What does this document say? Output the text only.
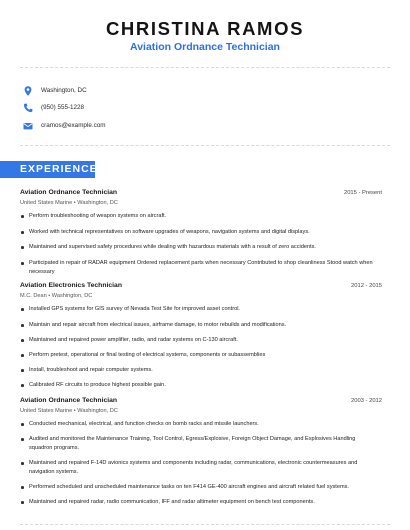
CHRISTINA RAMOS
Aviation Ordnance Technician
Washington, DC
(950) 555-1228
cramos@example.com
EXPERIENCE
Aviation Ordnance Technician	2015 - Present
United States Marine • Washington, DC
Perform troubleshooting of weapon systems on aircraft.
Worked with technical representatives on software upgrades of weapons, navigation systems and digital displays.
Maintained and supervised safety procedures while dealing with hazardous materials with a result of zero accidents.
Participated in repair of RADAR equipment Ordered replacement parts when necessary Contributed to shop cleanliness Stood watch when necessary
Aviation Electronics Technician	2012 - 2015
M.C. Dean • Washington, DC
Installed GPS systems for GIS survey of Nevada Test Site for improved asset control.
Maintain and repair aircraft from electrical issues, airframe damage, to motor rebuilds and modifications.
Maintained and repaired power amplifier, radio, and radar systems on C-130 aircraft.
Perform pretest, operational or final testing of electrical systems, components or subassemblies
Install, troubleshoot and repair computer systems.
Calibrated RF circuits to produce highest possible gain.
Aviation Ordnance Technician	2003 - 2012
United States Marine • Washington, DC
Conducted mechanical, electrical, and function checks on bomb racks and missile launchers.
Audited and monitored the Maintenance Training, Tool Control, Egress/Explosive, Foreign Object Damage, and Explosives Handling squadron programs.
Maintained and repaired F-14D avionics systems and components including radar, communications, electronic countermeasures and navigation systems.
Performed scheduled and unscheduled maintenance tasks on ten F414 GE-400 aircraft engines and aircraft related fuel systems.
Maintained and repaired radar, radio communication, IFF and radar altimeter equipment on bench test components.
